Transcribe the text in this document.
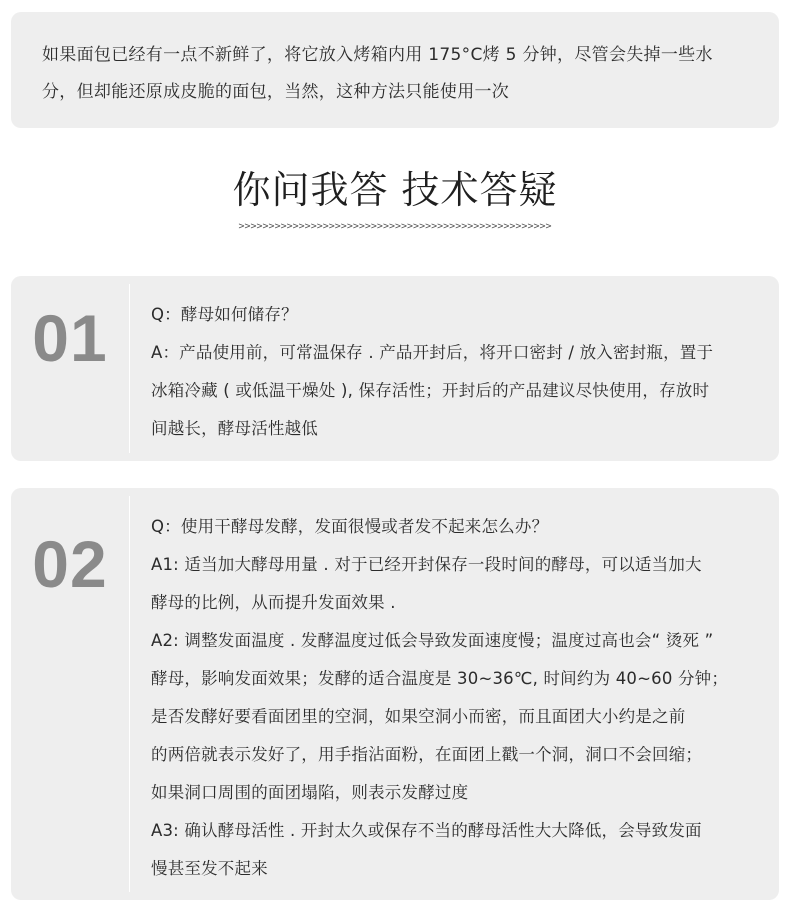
如果面包已经有一点不新鲜了，将它放入烤箱内用 175°C烤 5 分钟，尽管会失掉一些水

分，但却能还原成皮脆的面包，当然，这种方法只能使用一次

你问我答 技术答疑
>>>>>>>>>>>>>>>>>>>>>>>>>>>>>>>>>>>>>>>>>>>>>>>>>>>>
01	Q：酵母如何储存？
A：产品使用前，可常温保存 . 产品开封后，将开口密封 / 放入密封瓶，置于
冰箱冷藏 ( 或低温干燥处 ), 保存活性；开封后的产品建议尽快使用，存放时
间越长，酵母活性越低
02
Q：使用干酵母发酵，发面很慢或者发不起来怎么办？
A1: 适当加大酵母用量 . 对于已经开封保存一段时间的酵母，可以适当加大
酵母的比例，从而提升发面效果 .
A2: 调整发面温度 . 发酵温度过低会导致发面速度慢；温度过高也会“ 烫死 ”
酵母，影响发面效果；发酵的适合温度是 30~36℃, 时间约为 40~60 分钟；
是否发酵好要看面团里的空洞，如果空洞小而密，而且面团大小约是之前
的两倍就表示发好了，用手指沾面粉，在面团上戳一个洞，洞口不会回缩；
如果洞口周围的面团塌陷，则表示发酵过度
A3: 确认酵母活性 . 开封太久或保存不当的酵母活性大大降低，会导致发面
慢甚至发不起来
